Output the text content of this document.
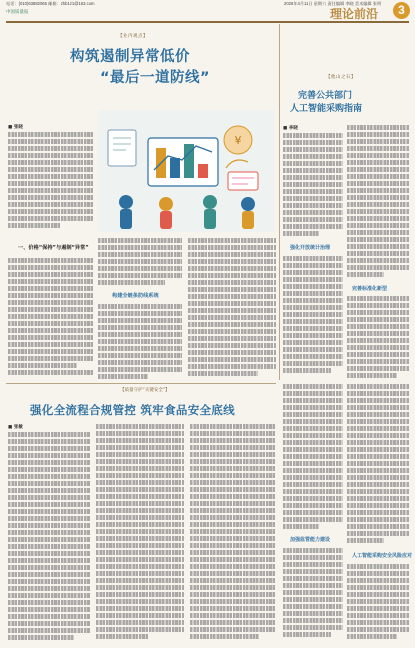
电话：(010)63882065 邮箱：zhb1z1@163.com
中国质量报
2026年4月11日 星期六 责任编辑 李晓 美术编辑 张明
理论前沿	3
【业内观点】
构筑遏制异常低价
“最后一道防线”
■ 张晓
一、价格“保持”与遏制“异常”
¥
构建全链条防线系统
【他山之石】
完善公共部门
人工智能采购指南
■ 李晓
强化开放统计治理
完善标准化新型
加强监管能力建设
人工智能采购安全风险应对
【质量守护“关键安全”】
强化全流程合规管控 筑牢食品安全底线
■ 张敏
